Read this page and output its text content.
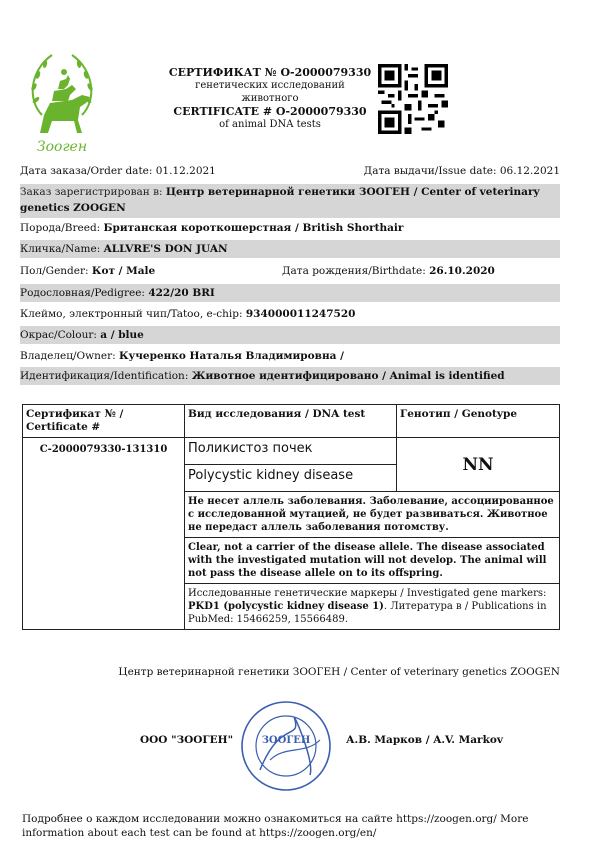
Зооген
СЕРТИФИКАТ № О-2000079330
генетических исследований
животного
CERTIFICATE # О-2000079330
of animal DNA tests
Дата заказа/Order date: 01.12.2021	Дата выдачи/Issue date: 06.12.2021
Заказ зарегистрирован в: Центр ветеринарной генетики ЗООГЕН / Center of veterinary
genetics ZOOGEN
Порода/Breed: Британская короткошерстная / British Shorthair
Кличка/Name: ALLVRE'S DON JUAN
Пол/Gender: Кот / Male	Дата рождения/Birthdate: 26.10.2020
Родословная/Pedigree: 422/20 BRI
Клеймо, электронный чип/Tatoo, e-chip: 934000011247520
Окрас/Colour: a / blue
Владелец/Owner: Кучеренко Наталья Владимировна /
Идентификация/Identification: Животное идентифицировано / Animal is identified
Сертификат № / Certificate #	Вид исследования / DNA test	Генотип / Genotype
С-2000079330-131310	Поликистоз почек	NN
	Polycystic kidney disease	
	Не несет аллель заболевания. Заболевание, ассоциированное с исследованной мутацией, не будет развиваться. Животное не передаст аллель заболевания потомству.	
	Clear, not a carrier of the disease allele. The disease associated with the investigated mutation will not develop. The animal will not pass the disease allele on to its offspring.	
	Исследованные генетические маркеры / Investigated gene markers: PKD1 (polycystic kidney disease 1). Литература в / Publications in PubMed: 15466259, 15566489.	
Центр ветеринарной генетики ЗООГЕН / Center of veterinary genetics ZOOGEN
ЗООГЕН
ООО "ЗООГЕН"	А.В. Марков / A.V. Markov
Подробнее о каждом исследовании можно ознакомиться на сайте https://zoogen.org/ More information about each test can be found at https://zoogen.org/en/
